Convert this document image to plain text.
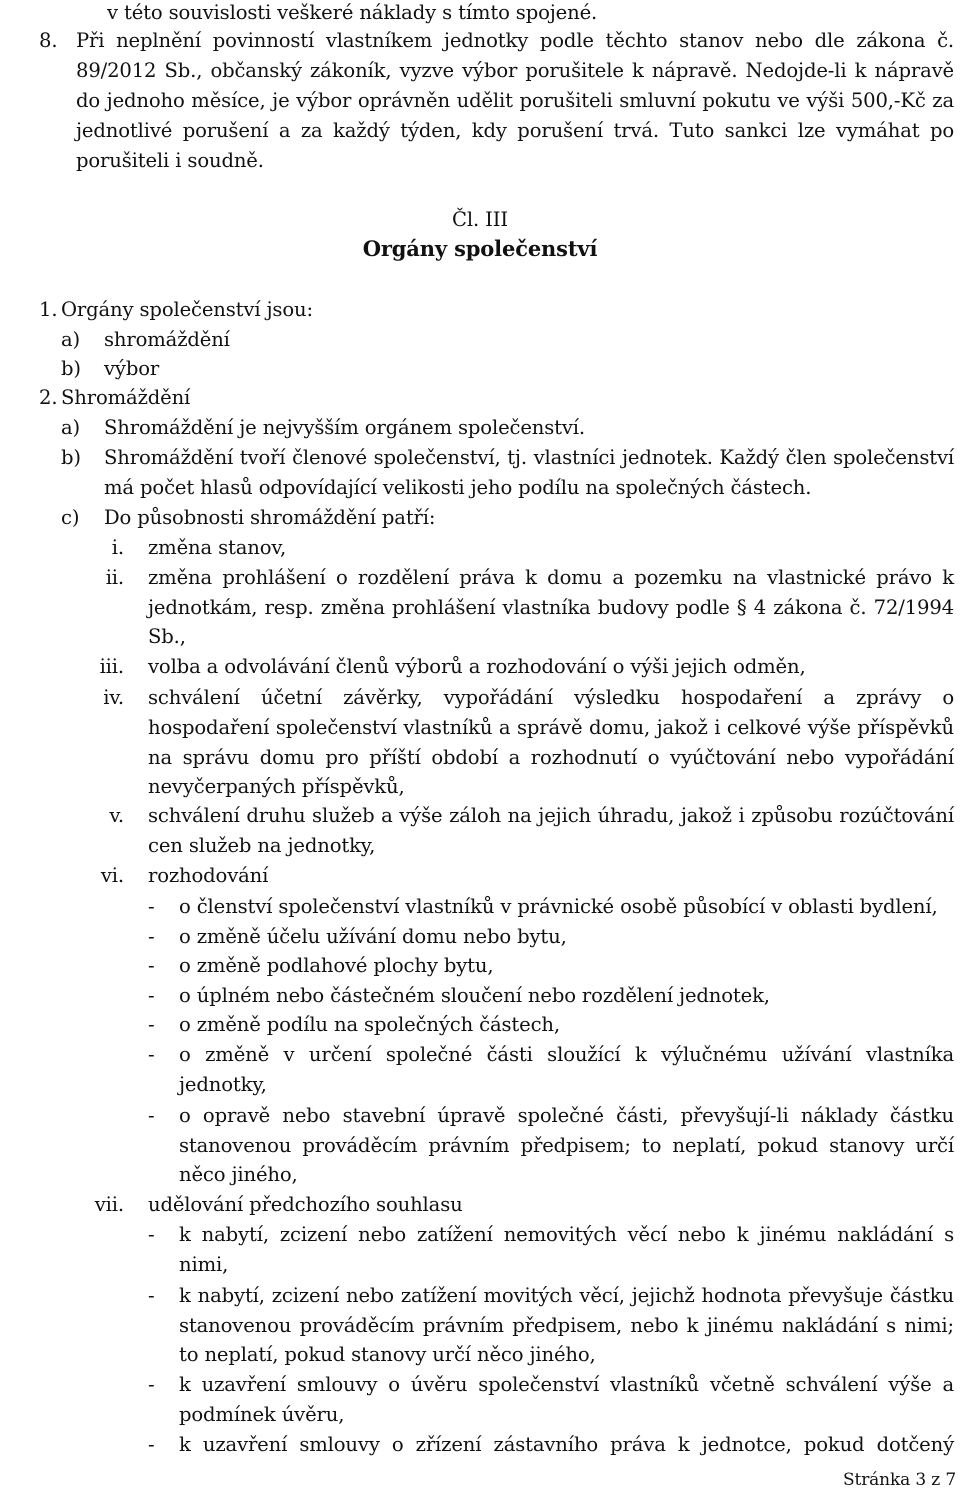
v této souvislosti veškeré náklady s tímto spojené.
8. Při neplnění povinností vlastníkem jednotky podle těchto stanov nebo dle zákona č.
89/2012 Sb., občanský zákoník, vyzve výbor porušitele k nápravě. Nedojde-li k nápravě
do jednoho měsíce, je výbor oprávněn udělit porušiteli smluvní pokutu ve výši 500,-Kč za
jednotlivé porušení a za každý týden, kdy porušení trvá. Tuto sankci lze vymáhat po
porušiteli i soudně.
Čl. III
Orgány společenství
1. Orgány společenství jsou:
a) shromáždění
b) výbor
2. Shromáždění
a) Shromáždění je nejvyšším orgánem společenství.
b) Shromáždění tvoří členové společenství, tj. vlastníci jednotek. Každý člen společenství
má počet hlasů odpovídající velikosti jeho podílu na společných částech.
c) Do působnosti shromáždění patří:
i. změna stanov,
ii. změna prohlášení o rozdělení práva k domu a pozemku na vlastnické právo k
jednotkám, resp. změna prohlášení vlastníka budovy podle § 4 zákona č. 72/1994
Sb.,
iii. volba a odvolávání členů výborů a rozhodování o výši jejich odměn,
iv. schválení účetní závěrky, vypořádání výsledku hospodaření a zprávy o
hospodaření společenství vlastníků a správě domu, jakož i celkové výše příspěvků
na správu domu pro příští období a rozhodnutí o vyúčtování nebo vypořádání
nevyčerpaných příspěvků,
v. schválení druhu služeb a výše záloh na jejich úhradu, jakož i způsobu rozúčtování
cen služeb na jednotky,
vi. rozhodování
- o členství společenství vlastníků v právnické osobě působící v oblasti bydlení,
- o změně účelu užívání domu nebo bytu,
- o změně podlahové plochy bytu,
- o úplném nebo částečném sloučení nebo rozdělení jednotek,
- o změně podílu na společných částech,
- o změně v určení společné části sloužící k výlučnému užívání vlastníka
jednotky,
- o opravě nebo stavební úpravě společné části, převyšují-li náklady částku
stanovenou prováděcím právním předpisem; to neplatí, pokud stanovy určí
něco jiného,
vii. udělování předchozího souhlasu
- k nabytí, zcizení nebo zatížení nemovitých věcí nebo k jinému nakládání s
nimi,
- k nabytí, zcizení nebo zatížení movitých věcí, jejichž hodnota převyšuje částku
stanovenou prováděcím právním předpisem, nebo k jinému nakládání s nimi;
to neplatí, pokud stanovy určí něco jiného,
- k uzavření smlouvy o úvěru společenství vlastníků včetně schválení výše a
podmínek úvěru,
- k uzavření smlouvy o zřízení zástavního práva k jednotce, pokud dotčený
Stránka 3 z 7
